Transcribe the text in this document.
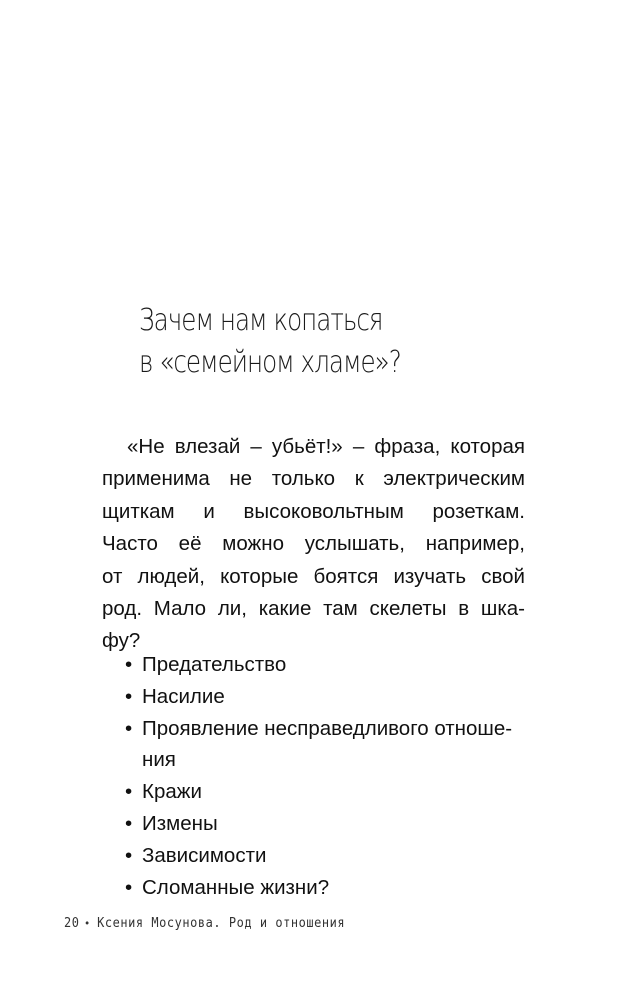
Зачем нам копаться
в «семейном хламе»?
«Не влезай – убьёт!» – фраза, которая
применима не только к электрическим
щиткам и высоковольтным розеткам.
Часто её можно услышать, например,
от людей, которые боятся изучать свой
род. Мало ли, какие там скелеты в шка-
фу?
• Предательство
• Насилие
• Проявление несправедливого отноше-
ния
• Кражи
• Измены
• Зависимости
• Сломанные жизни?
20 • Ксения Мосунова. Род и отношения
